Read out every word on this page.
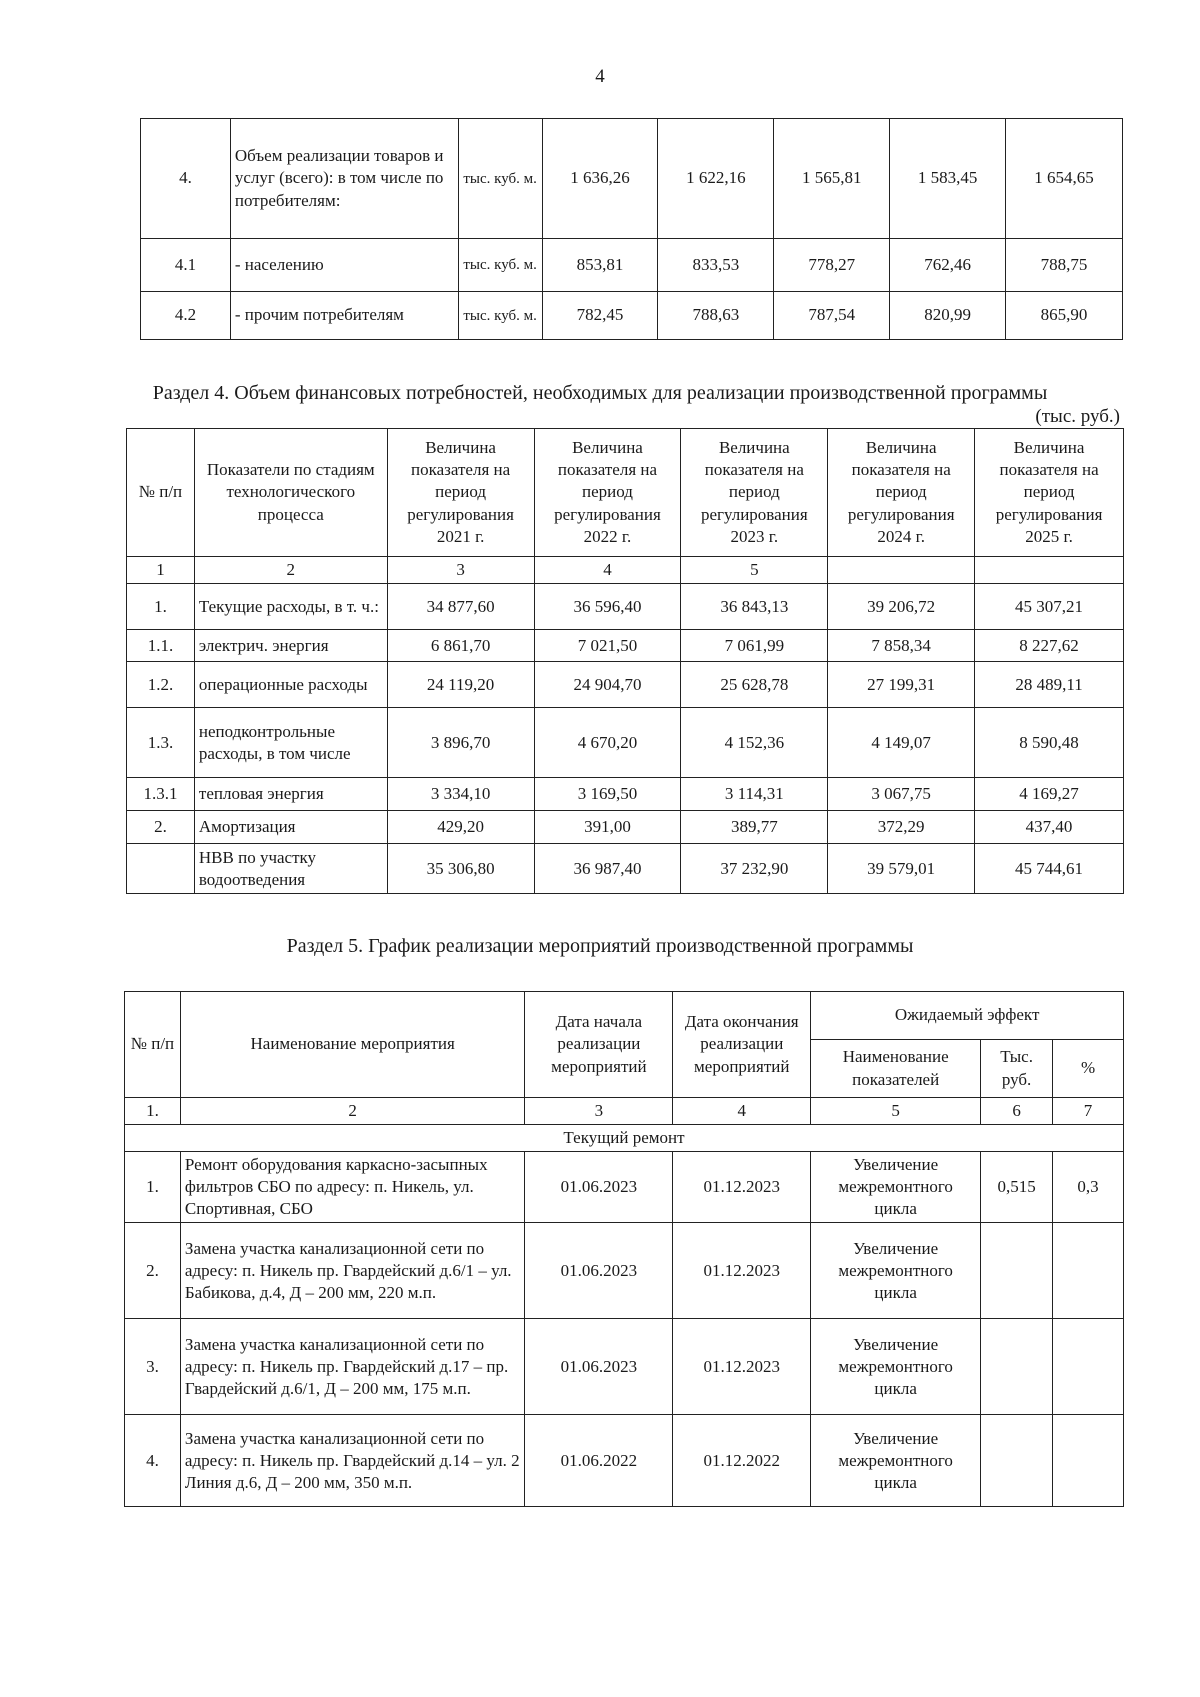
4
4.	Объем реализации товаров и услуг (всего): в том числе по потребителям:	тыс. куб. м.	1 636,26	1 622,16	1 565,81	1 583,45	1 654,65
4.1	- населению	тыс. куб. м.	853,81	833,53	778,27	762,46	788,75
4.2	- прочим потребителям	тыс. куб. м.	782,45	788,63	787,54	820,99	865,90
Раздел 4. Объем финансовых потребностей, необходимых для реализации производственной программы
(тыс. руб.)
№ п/п	Показатели по стадиям технологического процесса	Величина показателя на период регулирования 2021 г.	Величина показателя на период регулирования 2022 г.	Величина показателя на период регулирования 2023 г.	Величина показателя на период регулирования 2024 г.	Величина показателя на период регулирования 2025 г.
1	2	3	4	5		
1.	Текущие расходы, в т. ч.:	34 877,60	36 596,40	36 843,13	39 206,72	45 307,21
1.1.	электрич. энергия	6 861,70	7 021,50	7 061,99	7 858,34	8 227,62
1.2.	операционные расходы	24 119,20	24 904,70	25 628,78	27 199,31	28 489,11
1.3.	неподконтрольные расходы, в том числе	3 896,70	4 670,20	4 152,36	4 149,07	8 590,48
1.3.1	тепловая энергия	3 334,10	3 169,50	3 114,31	3 067,75	4 169,27
2.	Амортизация	429,20	391,00	389,77	372,29	437,40
	НВВ по участку водоотведения	35 306,80	36 987,40	37 232,90	39 579,01	45 744,61
Раздел 5. График реализации мероприятий производственной программы
№ п/п	Наименование мероприятия	Дата начала реализации мероприятий	Дата окончания реализации мероприятий	Ожидаемый эффект		
				Наименование показателей	Тыс. руб.	%
1.	2	3	4	5	6	7
Текущий ремонт						
1.	Ремонт оборудования каркасно-засыпных фильтров СБО по адресу: п. Никель, ул. Спортивная, СБО	01.06.2023	01.12.2023	Увеличение межремонтного цикла	0,515	0,3
2.	Замена участка канализационной сети по адресу: п. Никель пр. Гвардейский д.6/1 – ул. Бабикова, д.4, Д – 200 мм, 220 м.п.	01.06.2023	01.12.2023	Увеличение межремонтного цикла		
3.	Замена участка канализационной сети по адресу: п. Никель пр. Гвардейский д.17 – пр. Гвардейский д.6/1, Д – 200 мм, 175 м.п.	01.06.2023	01.12.2023	Увеличение межремонтного цикла		
4.	Замена участка канализационной сети по адресу: п. Никель пр. Гвардейский д.14 – ул. 2 Линия д.6, Д – 200 мм, 350 м.п.	01.06.2022	01.12.2022	Увеличение межремонтного цикла		
